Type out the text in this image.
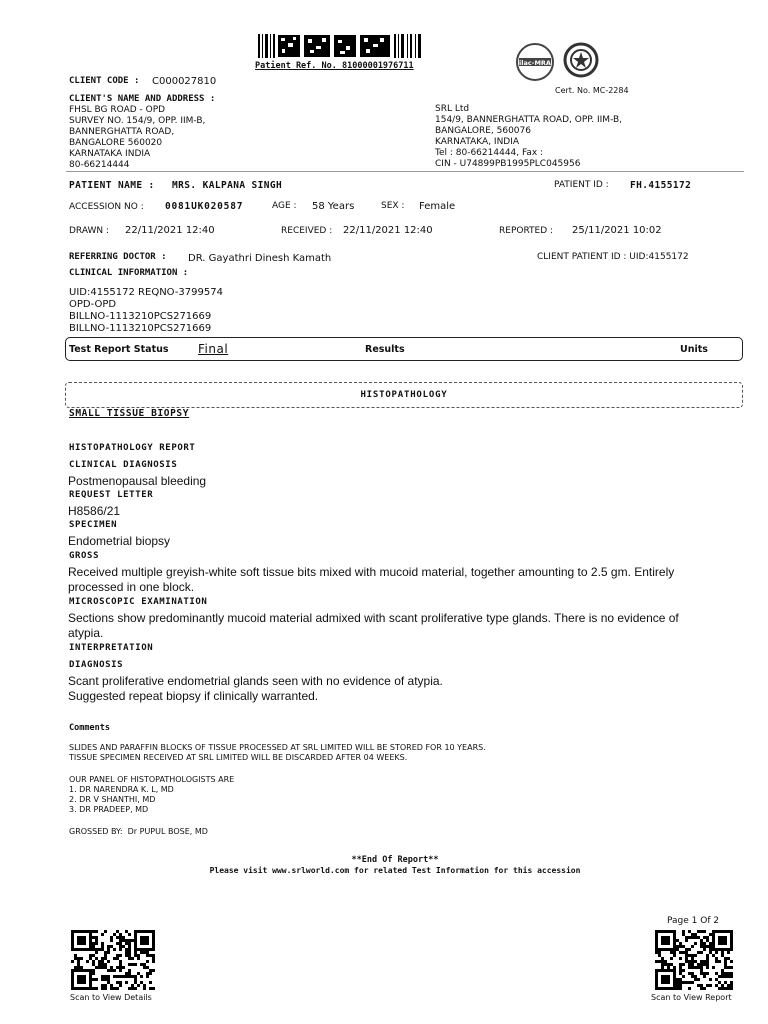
Patient Ref. No. 81000001976711	ilac-MRA
Cert. No. MC-2284
CLIENT CODE : C000027810
CLIENT'S NAME AND ADDRESS :
FHSL BG ROAD - OPD
SURVEY NO. 154/9, OPP. IIM-B,
BANNERGHATTA ROAD,
BANGALORE 560020
KARNATAKA INDIA
80-66214444
SRL Ltd
154/9, BANNERGHATTA ROAD, OPP. IIM-B,
BANGALORE, 560076
KARNATAKA, INDIA
Tel : 80-66214444, Fax :
CIN - U74899PB1995PLC045956
PATIENT NAME : MRS. KALPANA SINGH	PATIENT ID : FH.4155172
ACCESSION NO : 0081UK020587	AGE : 58 Years	SEX : Female
DRAWN : 22/11/2021 12:40	RECEIVED : 22/11/2021 12:40	REPORTED : 25/11/2021 10:02
REFERRING DOCTOR : DR. Gayathri Dinesh Kamath	CLIENT PATIENT ID : UID:4155172
CLINICAL INFORMATION :
UID:4155172 REQNO-3799574
OPD-OPD
BILLNO-1113210PCS271669
BILLNO-1113210PCS271669
Test Report Status Final	Results	Units
HISTOPATHOLOGY
SMALL TISSUE BIOPSY
HISTOPATHOLOGY REPORT
CLINICAL DIAGNOSIS
Postmenopausal bleeding
REQUEST LETTER
H8586/21
SPECIMEN
Endometrial biopsy
GROSS
Received multiple greyish-white soft tissue bits mixed with mucoid material, together amounting to 2.5 gm. Entirely
processed in one block.
MICROSCOPIC EXAMINATION
Sections show predominantly mucoid material admixed with scant proliferative type glands. There is no evidence of
atypia.
INTERPRETATION
DIAGNOSIS
Scant proliferative endometrial glands seen with no evidence of atypia.
Suggested repeat biopsy if clinically warranted.
Comments
SLIDES AND PARAFFIN BLOCKS OF TISSUE PROCESSED AT SRL LIMITED WILL BE STORED FOR 10 YEARS.
TISSUE SPECIMEN RECEIVED AT SRL LIMITED WILL BE DISCARDED AFTER 04 WEEKS.
OUR PANEL OF HISTOPATHOLOGISTS ARE
1. DR NARENDRA K. L, MD
2. DR V SHANTHI, MD
3. DR PRADEEP, MD
GROSSED BY:  Dr PUPUL BOSE, MD
**End Of Report**
Please visit www.srlworld.com for related Test Information for this accession
Page 1 Of 2
Scan to View Details	Scan to View Report
